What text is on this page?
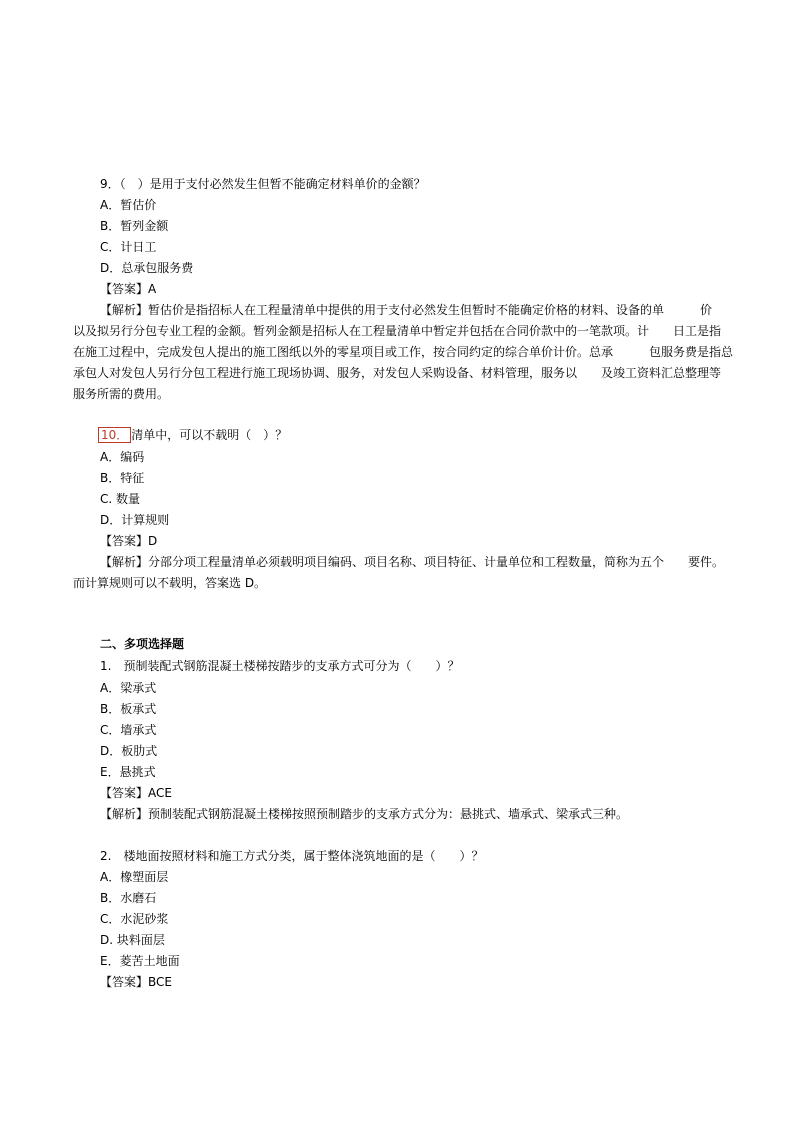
9．（　）是用于支付必然发生但暂不能确定材料单价的金额？
A．暂估价
B．暂列金额
C．计日工
D．总承包服务费
【答案】A
【解析】暂估价是指招标人在工程量清单中提供的用于支付必然发生但暂时不能确定价格的材料、设备的单　　　价
以及拟另行分包专业工程的金额。暂列金额是招标人在工程量清单中暂定并包括在合同价款中的一笔款项。计　　日工是指
在施工过程中，完成发包人提出的施工图纸以外的零星项目或工作，按合同约定的综合单价计价。总承　　　包服务费是指总
承包人对发包人另行分包工程进行施工现场协调、服务，对发包人采购设备、材料管理，服务以　　及竣工资料汇总整理等
服务所需的费用。
10． 清单中，可以不载明（　）？
A．编码
B．特征
C. 数量
D．计算规则
【答案】D
【解析】分部分项工程量清单必须载明项目编码、项目名称、项目特征、计量单位和工程数量，简称为五个　　要件。
而计算规则可以不载明，答案选 D。
二、多项选择题
1.　预制装配式钢筋混凝土楼梯按踏步的支承方式可分为（　　）？
A．梁承式
B．板承式
C．墙承式
D．板肋式
E．悬挑式
【答案】ACE
【解析】预制装配式钢筋混凝土楼梯按照预制踏步的支承方式分为：悬挑式、墙承式、梁承式三种。
2.　楼地面按照材料和施工方式分类，属于整体浇筑地面的是（　　）？
A．橡塑面层
B．水磨石
C．水泥砂浆
D. 块料面层
E．菱苦土地面
【答案】BCE
